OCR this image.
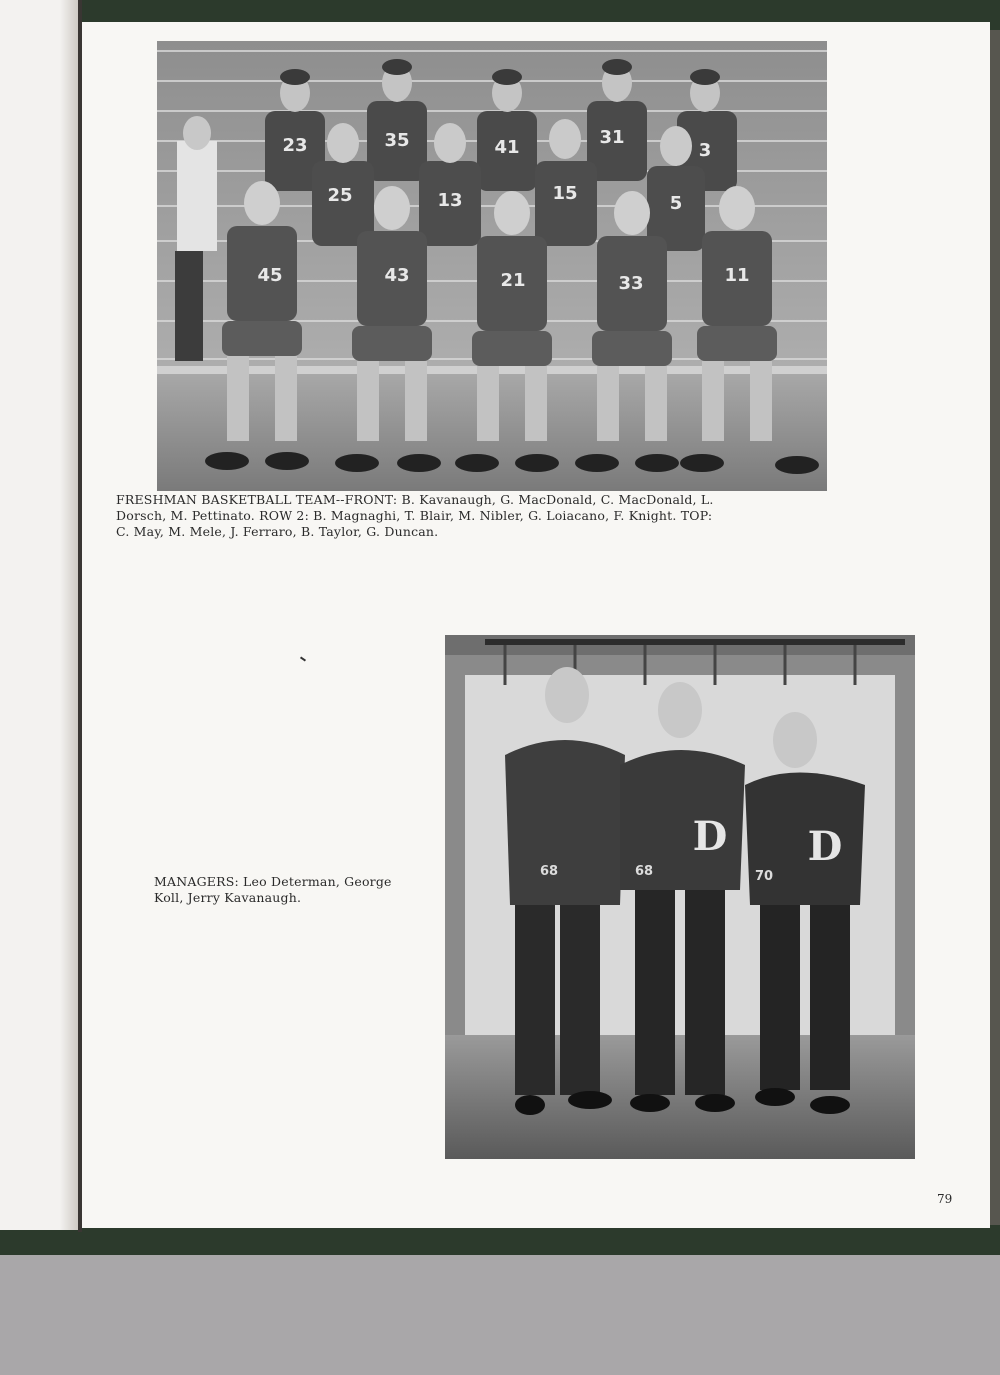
23	35	41	31
3
25	13	15	5
45	43	21	33	11
FRESHMAN BASKETBALL TEAM--FRONT: B. Kavanaugh, G. MacDonald, C. MacDonald, L. Dorsch, M. Pettinato. ROW 2: B. Magnaghi, T. Blair, M. Nibler, G. Loiacano, F. Knight. TOP: C. May, M. Mele, J. Ferraro, B. Taylor, G. Duncan.
MANAGERS: Leo Determan, George Koll, Jerry Kavanaugh.
D D
68	68	70
79
